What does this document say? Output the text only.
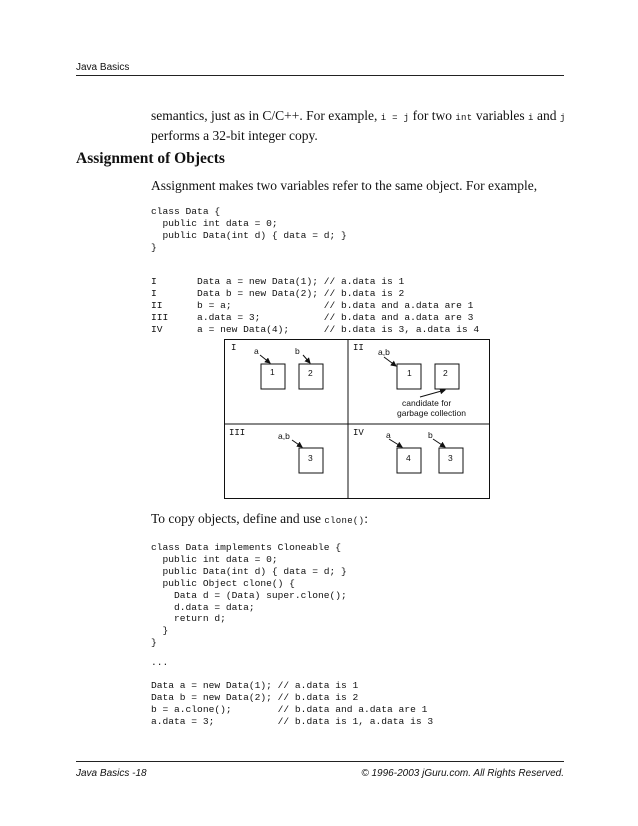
Java Basics
semantics, just as in C/C++. For example, i = j for two int variables i and j
performs a 32-bit integer copy.
Assignment of Objects
Assignment makes two variables refer to the same object. For example,
class Data {
public int data = 0;
public Data(int d) { data = d; }
}
I       Data a = new Data(1); // a.data is 1
I       Data b = new Data(2); // b.data is 2
II      b = a;                // b.data and a.data are 1
III     a.data = 3;           // b.data and a.data are 3
IV      a = new Data(4);      // b.data is 3, a.data is 4
I a	b
1	2
II a,b
1	2
candidate for
garbage collection
III	a,b
3
IV	a	b
4	3
To copy objects, define and use clone():
class Data implements Cloneable {
public int data = 0;
public Data(int d) { data = d; }
public Object clone() {
Data d = (Data) super.clone();
d.data = data;
return d;
}
}
...
Data a = new Data(1); // a.data is 1
Data b = new Data(2); // b.data is 2
b = a.clone();        // b.data and a.data are 1
a.data = 3;           // b.data is 1, a.data is 3
Java Basics -18	© 1996-2003 jGuru.com. All Rights Reserved.
